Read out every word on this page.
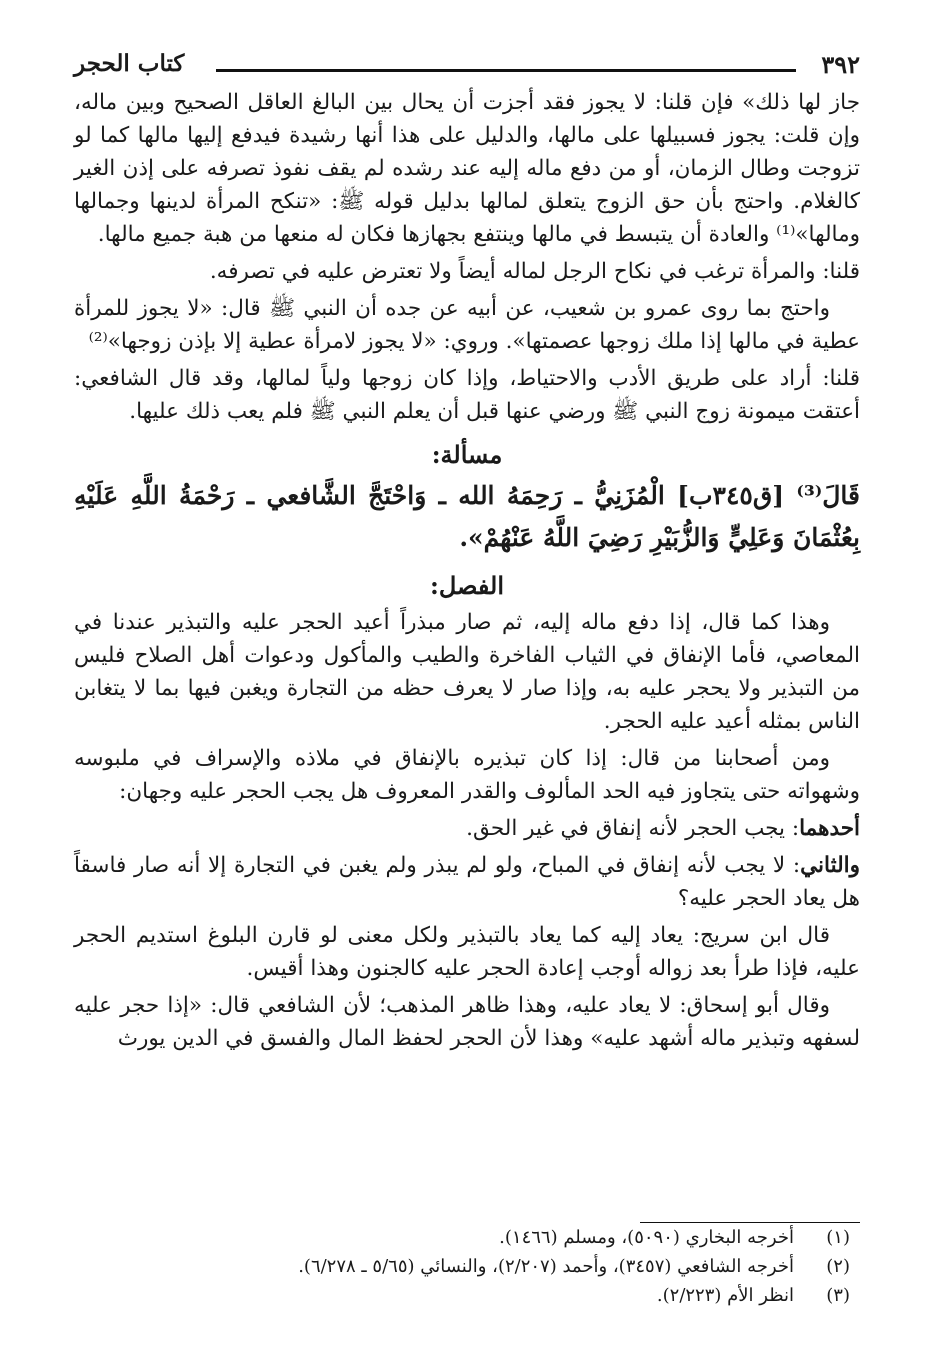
٣٩٢
كتاب الحجر

جاز لها ذلك» فإن قلنا: لا يجوز فقد أجزت أن يحال بين البالغ العاقل الصحيح وبين ماله، وإن قلت: يجوز فسبيلها على مالها، والدليل على هذا أنها رشيدة فيدفع إليها مالها كما لو تزوجت وطال الزمان، أو من دفع ماله إليه عند رشده لم يقف نفوذ تصرفه على إذن الغير كالغلام. واحتج بأن حق الزوج يتعلق لمالها بدليل قوله ﷺ: «تنكح المرأة لدينها وجمالها ومالها»⁽¹⁾ والعادة أن يتبسط في مالها وينتفع بجهازها فكان له منعها من هبة جميع مالها.

قلنا: والمرأة ترغب في نكاح الرجل لماله أيضاً ولا تعترض عليه في تصرفه.

واحتج بما روى عمرو بن شعيب، عن أبيه عن جده أن النبي ﷺ قال: «لا يجوز للمرأة عطية في مالها إذا ملك زوجها عصمتها». وروي: «لا يجوز لامرأة عطية إلا بإذن زوجها»⁽²⁾

قلنا: أراد على طريق الأدب والاحتياط، وإذا كان زوجها ولياً لمالها، وقد قال الشافعي: أعتقت ميمونة زوج النبي ﷺ ورضي عنها قبل أن يعلم النبي ﷺ فلم يعب ذلك عليها.

مسألة:

قَالَ⁽³⁾ [ق٣٤٥ب] الْمُزَنِيُّ ـ رَحِمَهُ الله ـ وَاحْتَجَّ الشَّافعي ـ رَحْمَةُ اللَّهِ عَلَيْهِ بِعُثْمَانَ وَعَلِيٍّ وَالزُّبَيْرِ رَضِيَ اللَّهُ عَنْهُمْ».

الفصل:

وهذا كما قال، إذا دفع ماله إليه، ثم صار مبذراً أعيد الحجر عليه والتبذير عندنا في المعاصي، فأما الإنفاق في الثياب الفاخرة والطيب والمأكول ودعوات أهل الصلاح فليس من التبذير ولا يحجر عليه به، وإذا صار لا يعرف حظه من التجارة ويغبن فيها بما لا يتغابن الناس بمثله أعيد عليه الحجر.

ومن أصحابنا من قال: إذا كان تبذيره بالإنفاق في ملاذه والإسراف في ملبوسه وشهواته حتى يتجاوز فيه الحد المألوف والقدر المعروف هل يجب الحجر عليه وجهان:

أحدهما: يجب الحجر لأنه إنفاق في غير الحق.

والثاني: لا يجب لأنه إنفاق في المباح، ولو لم يبذر ولم يغبن في التجارة إلا أنه صار فاسقاً هل يعاد الحجر عليه؟

قال ابن سريج: يعاد إليه كما يعاد بالتبذير ولكل معنى لو قارن البلوغ استديم الحجر عليه، فإذا طرأ بعد زواله أوجب إعادة الحجر عليه كالجنون وهذا أقيس.

وقال أبو إسحاق: لا يعاد عليه، وهذا ظاهر المذهب؛ لأن الشافعي قال: «إذا حجر عليه لسفهه وتبذير ماله أشهد عليه» وهذا لأن الحجر لحفظ المال والفسق في الدين يورث

(١)
أخرجه البخاري (٥٠٩٠)، ومسلم (١٤٦٦).
(٢)
أخرجه الشافعي (٣٤٥٧)، وأحمد (٢/٢٠٧)، والنسائي (٥/٦٥ ـ ٦/٢٧٨).
(٣)
انظر الأم (٢/٢٢٣).
